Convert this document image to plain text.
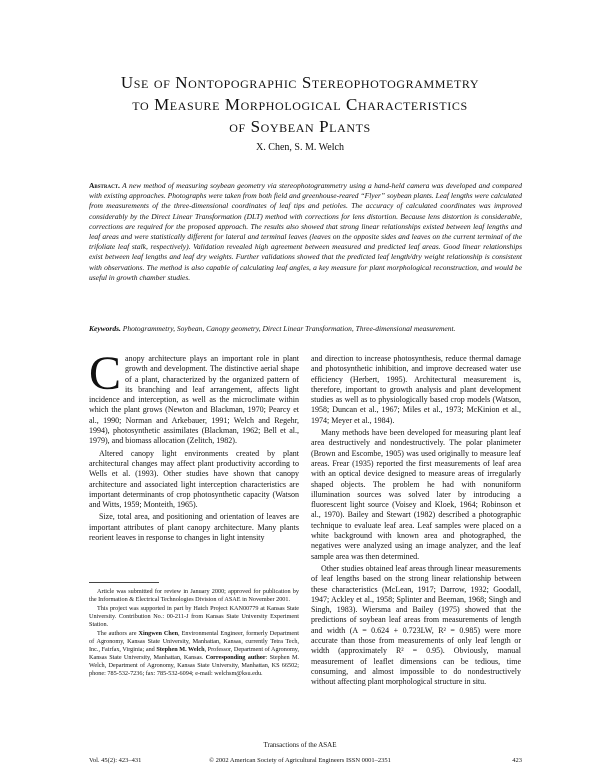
Use of Nontopographic Stereophotogrammetry
to Measure Morphological Characteristics
of Soybean Plants
X. Chen, S. M. Welch
Abstract. A new method of measuring soybean geometry via stereophotogrammetry using a hand-held camera was developed and compared with existing approaches. Photographs were taken from both field and greenhouse-reared “Flyer” soybean plants. Leaf lengths were calculated from measurements of the three-dimensional coordinates of leaf tips and petioles. The accuracy of calculated coordinates was improved considerably by the Direct Linear Transformation (DLT) method with corrections for lens distortion. Because lens distortion is considerable, corrections are required for the proposed approach. The results also showed that strong linear relationships existed between leaf lengths and leaf areas and were statistically different for lateral and terminal leaves (leaves on the opposite sides and leaves on the current terminal of the trifoliate leaf stalk, respectively). Validation revealed high agreement between measured and predicted leaf areas. Good linear relationships exist between leaf lengths and leaf dry weights. Further validations showed that the predicted leaf length/dry weight relationship is consistent with observations. The method is also capable of calculating leaf angles, a key measure for plant morphological reconstruction, and would be useful in growth chamber studies.
Keywords. Photogrammetry, Soybean, Canopy geometry, Direct Linear Transformation, Three-dimensional measurement.

Canopy architecture plays an important role in plant growth and development. The distinctive aerial shape of a plant, characterized by the organized pattern of its branching and leaf arrangement, affects light incidence and interception, as well as the microclimate within which the plant grows (Newton and Blackman, 1970; Pearcy et al., 1990; Norman and Arkebauer, 1991; Welch and Regehr, 1994), photosynthetic assimilates (Blackman, 1962; Bell et al., 1979), and biomass allocation (Zelitch, 1982).

Altered canopy light environments created by plant architectural changes may affect plant productivity according to Wells et al. (1993). Other studies have shown that canopy architecture and associated light interception characteristics are important determinants of crop photosynthetic capacity (Watson and Witts, 1959; Monteith, 1965).

Size, total area, and positioning and orientation of leaves are important attributes of plant canopy architecture. Many plants reorient leaves in response to changes in light intensity

and direction to increase photosynthesis, reduce thermal damage and photosynthetic inhibition, and improve decreased water use efficiency (Herbert, 1995). Architectural measurement is, therefore, important to growth analysis and plant development studies as well as to physiologically based crop models (Watson, 1958; Duncan et al., 1967; Miles et al., 1973; McKinion et al., 1974; Meyer et al., 1984).

Many methods have been developed for measuring plant leaf area destructively and nondestructively. The polar planimeter (Brown and Escombe, 1905) was used originally to measure leaf areas. Frear (1935) reported the first measurements of leaf area with an optical device designed to measure areas of irregularly shaped objects. The problem he had with nonuniform illumination sources was solved later by introducing a fluorescent light source (Voisey and Kloek, 1964; Robinson et al., 1970). Bailey and Stewart (1982) described a photographic technique to evaluate leaf area. Leaf samples were placed on a white background with known area and photographed, the negatives were analyzed using an image analyzer, and the leaf sample area was then determined.

Other studies obtained leaf areas through linear measurements of leaf lengths based on the strong linear relationship between these characteristics (McLean, 1917; Darrow, 1932; Goodall, 1947; Ackley et al., 1958; Splinter and Beeman, 1968; Singh and Singh, 1983). Wiersma and Bailey (1975) showed that the predictions of soybean leaf areas from measurements of length and width (A = 0.624 + 0.723LW, R² = 0.985) were more accurate than those from measurements of only leaf length or width (approximately R² = 0.95). Obviously, manual measurement of leaflet dimensions can be tedious, time consuming, and almost impossible to do nondestructively without affecting plant morphological structure in situ.

Article was submitted for review in January 2000; approved for publication by the Information & Electrical Technologies Division of ASAE in November 2001.

This project was supported in part by Hatch Project KAN00779 at Kansas State University. Contribution No.: 00-211-J from Kansas State University Experiment Station.

The authors are Xingwen Chen, Environmental Engineer, formerly Department of Agronomy, Kansas State University, Manhattan, Kansas, currently Tetra Tech, Inc., Fairfax, Virginia; and Stephen M. Welch, Professor, Department of Agronomy, Kansas State University, Manhattan, Kansas. Corresponding author: Stephen M. Welch, Department of Agronomy, Kansas State University, Manhattan, KS 66502; phone: 785-532-7236; fax: 785-532-6094; e-mail: welchsm@ksu.edu.

Transactions of the ASAE
Vol. 45(2): 423–431	© 2002 American Society of Agricultural Engineers ISSN 0001–2351	423
